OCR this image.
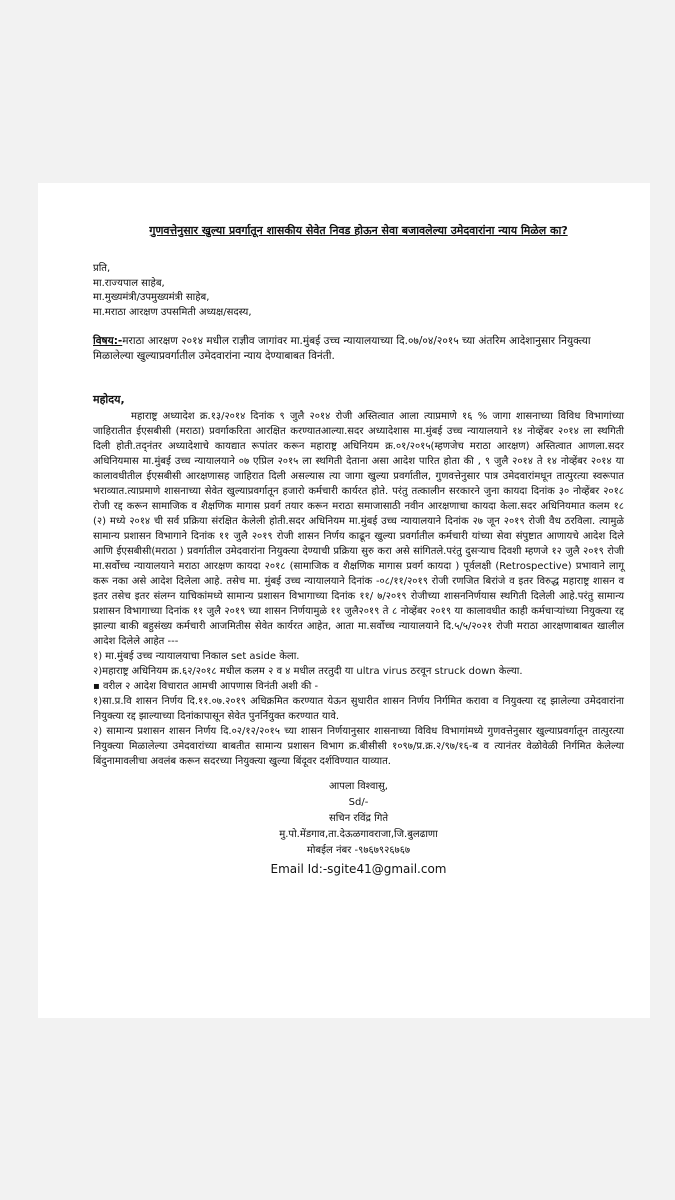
गुणवत्तेनुसार खुल्या प्रवर्गातून शासकीय सेवेत निवड होऊन सेवा बजावलेल्या उमेदवारांना न्याय मिळेल का?

प्रति,

मा.राज्यपाल साहेब,

मा.मुख्यमंत्री/उपमुख्यमंत्री साहेब,

मा.मराठा आरक्षण उपसमिती अध्यक्ष/सदस्य,

विषय:-मराठा आरक्षण २०१४ मधील राज्ञीव जागांवर मा.मुंबई उच्च न्यायालयाच्या दि.०७/०४/२०१५ च्या अंतरिम आदेशानुसार नियुक्त्या मिळालेल्या खुल्याप्रवर्गातील उमेदवारांना न्याय देण्याबाबत विनंती.
महोदय,

महाराष्ट्र अध्यादेश क्र.१३/२०१४ दिनांक ९ जुलै २०१४ रोजी अस्तित्वात आला त्याप्रमाणे १६ % जागा शासनाच्या विविध विभागांच्या जाहिरातीत ईएसबीसी (मराठा) प्रवर्गाकरिता आरक्षित करण्यातआल्या.सदर अध्यादेशास मा.मुंबई उच्च न्यायालयाने १४ नोव्हेंबर २०१४ ला स्थगिती दिली होती.तद्नंतर अध्यादेशाचे कायद्यात रूपांतर करून महाराष्ट्र अधिनियम क्र.०१/२०१५(म्हणजेच मराठा आरक्षण) अस्तित्वात आणला.सदर अधिनियमास मा.मुंबई उच्च न्यायालयाने ०७ एप्रिल २०१५ ला स्थगिती देताना असा आदेश पारित होता की , ९ जुलै २०१४ ते १४ नोव्हेंबर २०१४ या कालावधीतील ईएसबीसी आरक्षणासह जाहिरात दिली असल्यास त्या जागा खुल्या प्रवर्गातील, गुणवत्तेनुसार पात्र उमेदवारांमधून तात्पुरत्या स्वरूपात भराव्यात.त्याप्रमाणे शासनाच्या सेवेत खुल्याप्रवर्गातून हजारो कर्मचारी कार्यरत होते. परंतु तत्कालीन सरकारने जुना कायदा दिनांक ३० नोव्हेंबर २०१८ रोजी रद्द करून सामाजिक व शैक्षणिक मागास प्रवर्ग तयार करून मराठा समाजासाठी नवीन आरक्षणाचा कायदा केला.सदर अधिनियमात कलम १८ (२) मध्ये २०१४ ची सर्व प्रक्रिया संरक्षित केलेली होती.सदर अधिनियम मा.मुंबई उच्च न्यायालयाने दिनांक २७ जून २०१९ रोजी वैध ठरविला. त्यामुळे सामान्य प्रशासन विभागाने दिनांक ११ जुलै २०१९ रोजी शासन निर्णय काढून खुल्या प्रवर्गातील कर्मचारी यांच्या सेवा संपुष्टात आणायचे आदेश दिले आणि ईएसबीसी(मराठा ) प्रवर्गातील उमेदवारांना नियुक्त्या देण्याची प्रक्रिया सुरु करा असे सांगितले.परंतु दुसऱ्याच दिवशी म्हणजे १२ जुलै २०१९ रोजी मा.सर्वोच्च न्यायालयाने मराठा आरक्षण कायदा २०१८ (सामाजिक व शैक्षणिक मागास प्रवर्ग कायदा ) पूर्वलक्षी (Retrospective) प्रभावाने लागू करू नका असे आदेश दिलेला आहे. तसेच मा. मुंबई उच्च न्यायालयाने दिनांक -०८/११/२०१९ रोजी रणजित बिरांजे व इतर विरुद्ध महाराष्ट्र शासन व इतर तसेच इतर संलग्न याचिकांमध्ये सामान्य प्रशासन विभागाच्या दिनांक ११/ ७/२०१९ रोजीच्या शासननिर्णयास स्थगिती दिलेली आहे.परंतु सामान्य प्रशासन विभागाच्या दिनांक ११ जुलै २०१९ च्या शासन निर्णयामुळे ११ जुलै२०१९ ते ८ नोव्हेंबर २०१९ या कालावधीत काही कर्मचाऱ्यांच्या नियुक्त्या रद्द झाल्या बाकी बहुसंख्य कर्मचारी आजमितीस सेवेत कार्यरत आहेत, आता मा.सर्वोच्च न्यायालयाने दि.५/५/२०२१ रोजी मराठा आरक्षणाबाबत खालील आदेश दिलेले आहेत ---

१) मा.मुंबई उच्च न्यायालयाचा निकाल set aside केला.

२)महाराष्ट्र अधिनियम क्र.६२/२०१८ मधील कलम २ व ४ मधील तरतुदी या ultra virus ठरवून struck down केल्या.

▪ वरील २ आदेश विचारात आमची आपणास विनंती अशी की -

१)सा.प्र.वि शासन निर्णय दि.११.०७.२०१९ अधिक्रमित करण्यात येऊन सुधारीत शासन निर्णय निर्गमित करावा व नियुक्त्या रद्द झालेल्या उमेदवारांना नियुक्त्या रद्द झाल्याच्या दिनांकापासून सेवेत पुनर्नियुक्त करण्यात यावे.

२) सामान्य प्रशासन शासन निर्णय दि.०२/१२/२०१५ च्या शासन निर्णयानुसार शासनाच्या विविध विभागांमध्ये गुणवत्तेनुसार खुल्याप्रवर्गातून तात्पुरत्या नियुक्त्या मिळालेल्या उमेदवारांच्या बाबतीत सामान्य प्रशासन विभाग क्र.बीसीसी १०९७/प्र.क्र.२/९७/१६-ब व त्यानंतर वेळोवेळी निर्गमित केलेल्या बिंदुनामावलीचा अवलंब करून सदरच्या नियुक्त्या खुल्या बिंदूवर दर्शविण्यात याव्यात.

आपला विश्वासु,
Sd/-
सचिन रविंद्र गिते
मु.पो.मेंडगाव,ता.देऊळगावराजा,जि.बुलढाणा
मोबईल नंबर -९७६७९२६७६७
Email Id:-sgite41@gmail.com
